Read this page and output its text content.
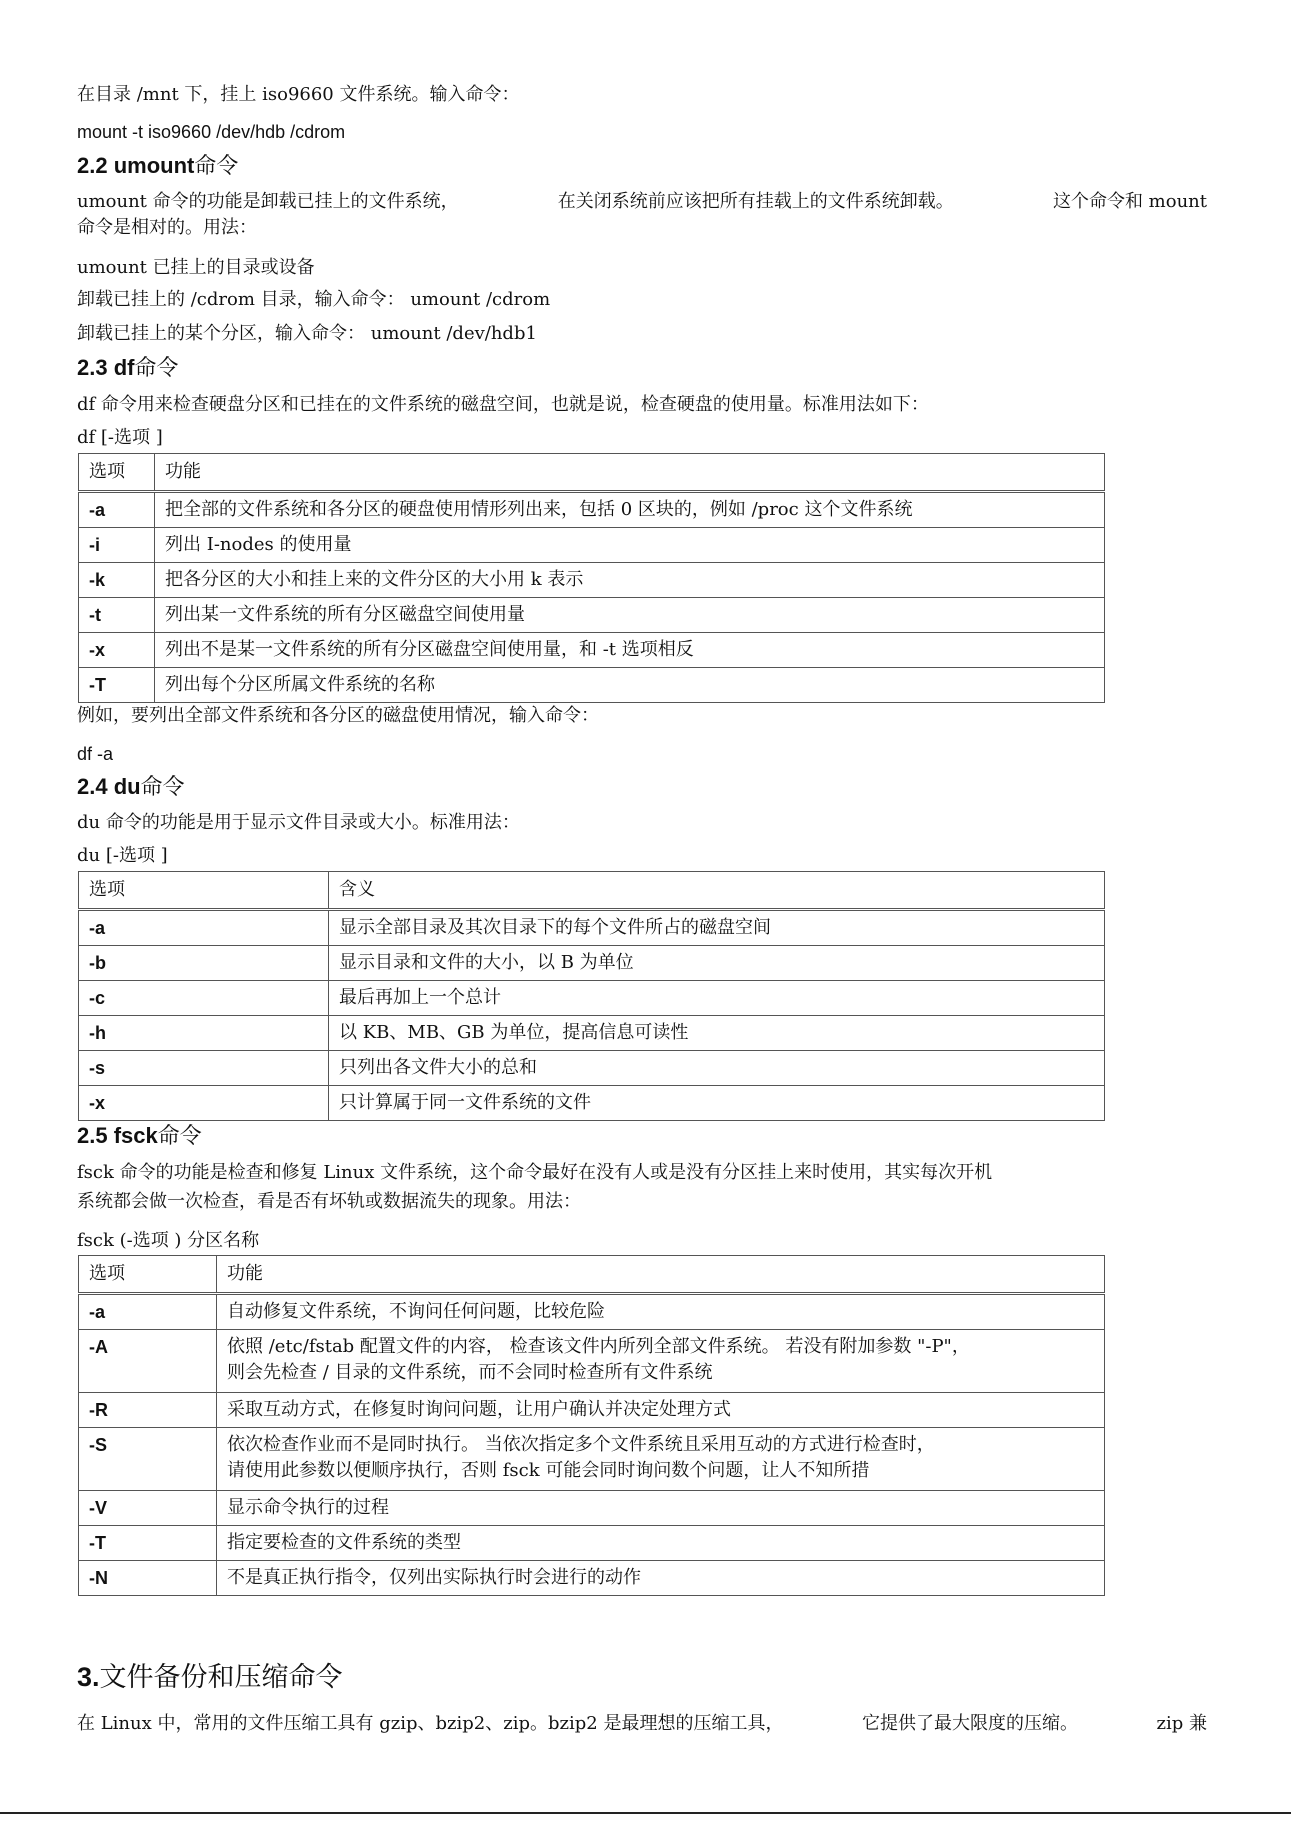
在目录 /mnt 下，挂上 iso9660 文件系统。输入命令：
mount -t iso9660 /dev/hdb /cdrom
2.2 umount命令
umount 命令的功能是卸载已挂上的文件系统，	在关闭系统前应该把所有挂载上的文件系统卸载。	这个命令和 mount
命令是相对的。用法：
umount 已挂上的目录或设备
卸载已挂上的 /cdrom 目录，输入命令： umount /cdrom
卸载已挂上的某个分区，输入命令： umount /dev/hdb1
2.3 df命令
df 命令用来检查硬盘分区和已挂在的文件系统的磁盘空间，也就是说，检查硬盘的使用量。标准用法如下：
df [-选项 ]
选项	功能
-a	把全部的文件系统和各分区的硬盘使用情形列出来，包括 0 区块的，例如 /proc 这个文件系统
-i	列出 I-nodes 的使用量
-k	把各分区的大小和挂上来的文件分区的大小用 k 表示
-t	列出某一文件系统的所有分区磁盘空间使用量
-x	列出不是某一文件系统的所有分区磁盘空间使用量，和 -t 选项相反
-T	列出每个分区所属文件系统的名称
例如，要列出全部文件系统和各分区的磁盘使用情况，输入命令：
df -a
2.4 du命令
du 命令的功能是用于显示文件目录或大小。标准用法：
du [-选项 ]
选项	含义
-a	显示全部目录及其次目录下的每个文件所占的磁盘空间
-b	显示目录和文件的大小，以 B 为单位
-c	最后再加上一个总计
-h	以 KB、MB、GB 为单位，提高信息可读性
-s	只列出各文件大小的总和
-x	只计算属于同一文件系统的文件
2.5 fsck命令
fsck 命令的功能是检查和修复 Linux 文件系统，这个命令最好在没有人或是没有分区挂上来时使用，其实每次开机
系统都会做一次检查，看是否有坏轨或数据流失的现象。用法：
fsck (-选项 ) 分区名称
选项	功能
-a	自动修复文件系统，不询问任何问题，比较危险
-A	依照 /etc/fstab 配置文件的内容， 检查该文件内所列全部文件系统。 若没有附加参数 "-P"，
则会先检查 / 目录的文件系统，而不会同时检查所有文件系统

-R	采取互动方式，在修复时询问问题，让用户确认并决定处理方式
-S	依次检查作业而不是同时执行。 当依次指定多个文件系统且采用互动的方式进行检查时，
请使用此参数以便顺序执行，否则 fsck 可能会同时询问数个问题，让人不知所措

-V	显示命令执行的过程
-T	指定要检查的文件系统的类型
-N	不是真正执行指令，仅列出实际执行时会进行的动作
3.文件备份和压缩命令
在 Linux 中，常用的文件压缩工具有 gzip、bzip2、zip。bzip2 是最理想的压缩工具，	它提供了最大限度的压缩。	zip 兼
